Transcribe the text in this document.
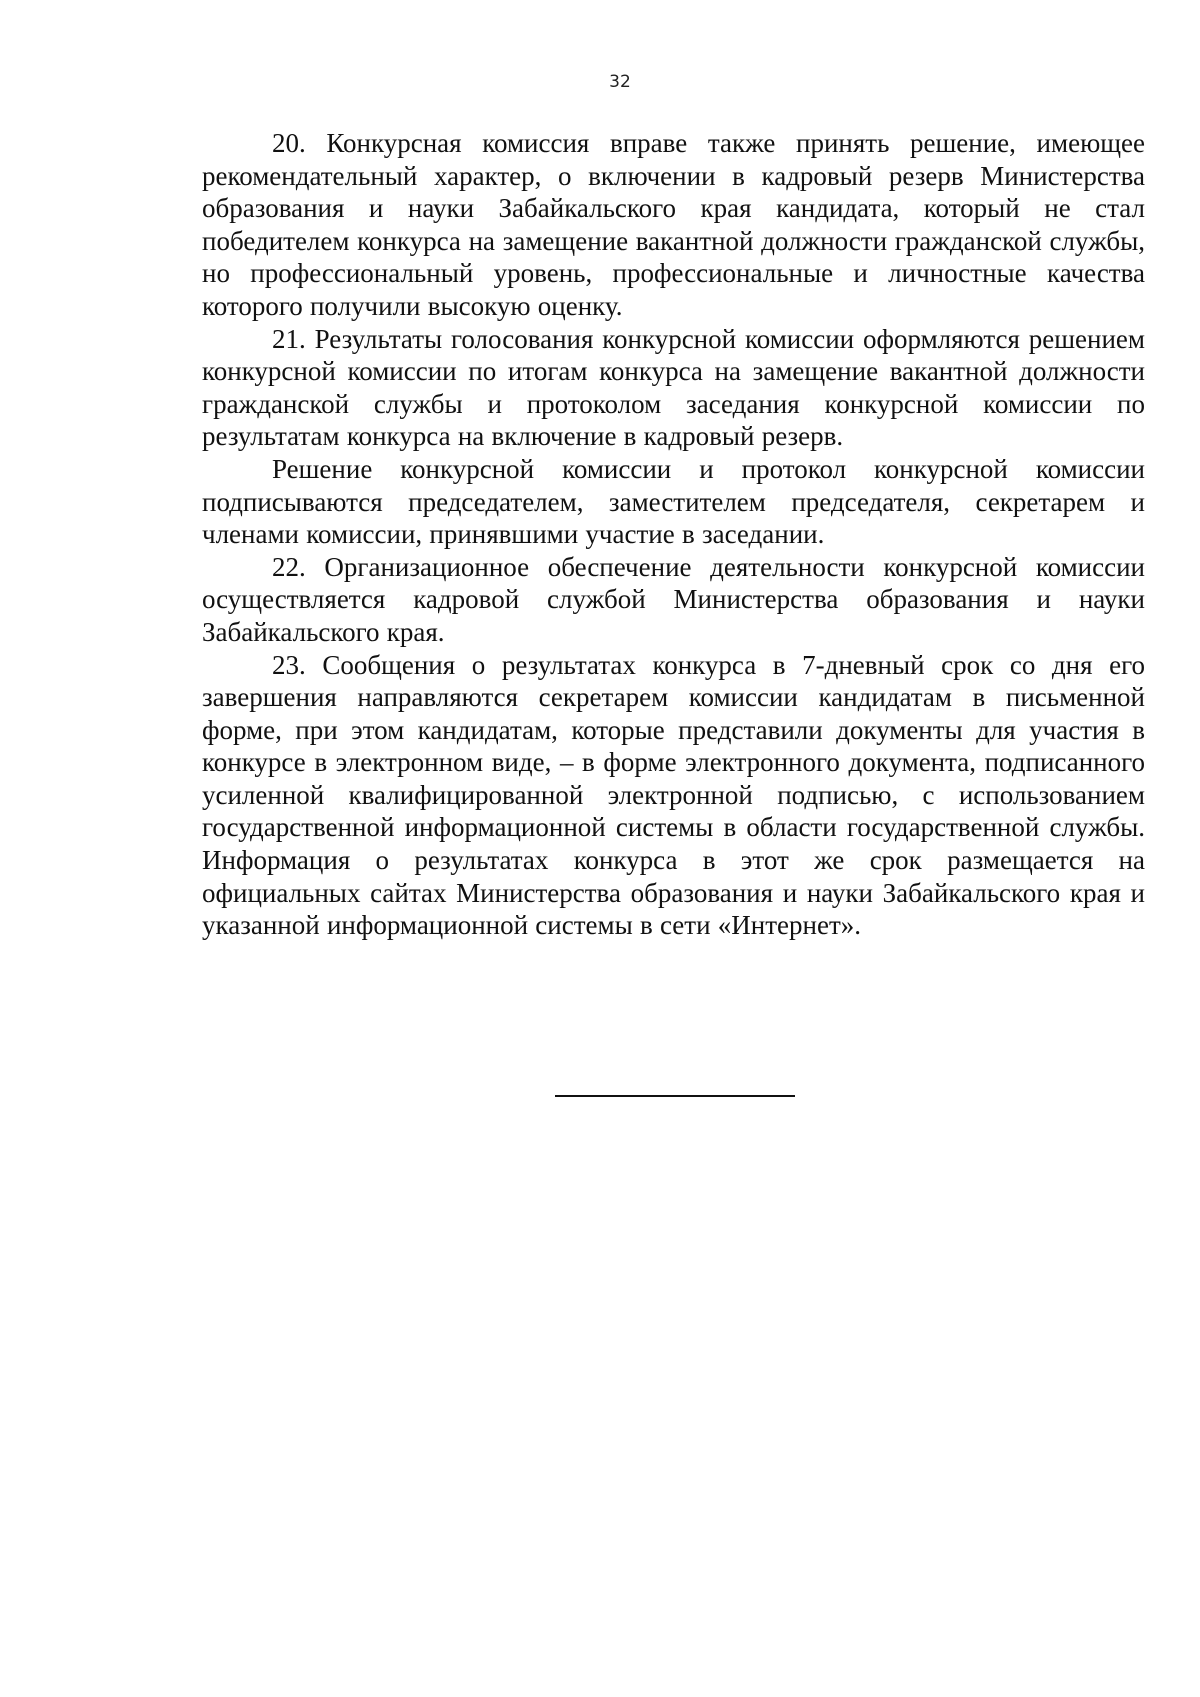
32

20. Конкурсная комиссия вправе также принять решение, имеющее рекомендательный характер, о включении в кадровый резерв Министерства образования и науки Забайкальского края кандидата, который не стал победителем конкурса на замещение вакантной должности гражданской службы, но профессиональный уровень, профессиональные и личностные качества которого получили высокую оценку.

21. Результаты голосования конкурсной комиссии оформляются решением конкурсной комиссии по итогам конкурса на замещение вакантной должности гражданской службы и протоколом заседания конкурсной комиссии по результатам конкурса на включение в кадровый резерв.

Решение конкурсной комиссии и протокол конкурсной комиссии подписываются председателем, заместителем председателя, секретарем и членами комиссии, принявшими участие в заседании.

22. Организационное обеспечение деятельности конкурсной комиссии осуществляется кадровой службой Министерства образования и науки Забайкальского края.

23. Сообщения о результатах конкурса в 7-дневный срок со дня его завершения направляются секретарем комиссии кандидатам в письменной форме, при этом кандидатам, которые представили документы для участия в конкурсе в электронном виде, – в форме электронного документа, подписанного усиленной квалифицированной электронной подписью, с использованием государственной информационной системы в области государственной службы. Информация о результатах конкурса в этот же срок размещается на официальных сайтах Министерства образования и науки Забайкальского края и указанной информационной системы в сети «Интернет».
